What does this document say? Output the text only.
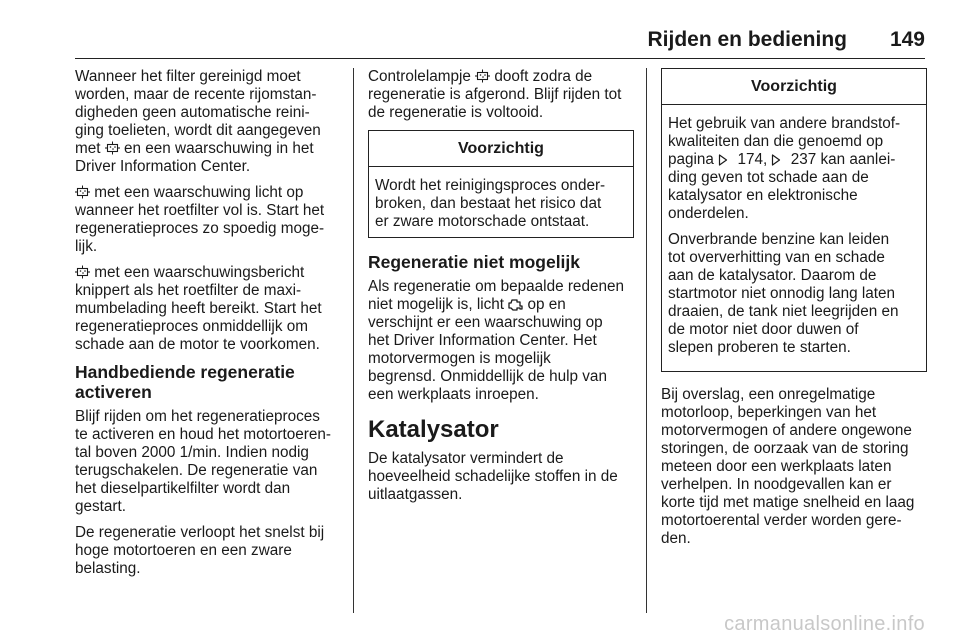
Rijden en bediening 149

Wanneer het filter gereinigd moet
worden, maar de recente rijomstan-
digheden geen automatische reini-
ging toelieten, wordt dit aangegeven
met en een waarschuwing in het
Driver Information Center.

met een waarschuwing licht op
wanneer het roetfilter vol is. Start het
regeneratieproces zo spoedig moge-
lijk.

met een waarschuwingsbericht
knippert als het roetfilter de maxi-
mumbelading heeft bereikt. Start het
regeneratieproces onmiddellijk om
schade aan de motor te voorkomen.

Handbediende regeneratie
activeren

Blijf rijden om het regeneratieproces
te activeren en houd het motortoeren-
tal boven 2000 1/min. Indien nodig
terugschakelen. De regeneratie van
het dieselpartikelfilter wordt dan
gestart.

De regeneratie verloopt het snelst bij
hoge motortoeren en een zware
belasting.

Controlelampje dooft zodra de
regeneratie is afgerond. Blijf rijden tot
de regeneratie is voltooid.

Voorzichtig
Wordt het reinigingsproces onder-
broken, dan bestaat het risico dat
er zware motorschade ontstaat.
Regeneratie niet mogelijk

Als regeneratie om bepaalde redenen
niet mogelijk is, licht op en
verschijnt er een waarschuwing op
het Driver Information Center. Het
motorvermogen is mogelijk
begrensd. Onmiddellijk de hulp van
een werkplaats inroepen.

Katalysator

De katalysator vermindert de
hoeveelheid schadelijke stoffen in de
uitlaatgassen.

Voorzichtig

Het gebruik van andere brandstof-
kwaliteiten dan die genoemd op
pagina 174, 237 kan aanlei-
ding geven tot schade aan de
katalysator en elektronische
onderdelen.

Onverbrande benzine kan leiden
tot oververhitting van en schade
aan de katalysator. Daarom de
startmotor niet onnodig lang laten
draaien, de tank niet leegrijden en
de motor niet door duwen of
slepen proberen te starten.

Bij overslag, een onregelmatige
motorloop, beperkingen van het
motorvermogen of andere ongewone
storingen, de oorzaak van de storing
meteen door een werkplaats laten
verhelpen. In noodgevallen kan er
korte tijd met matige snelheid en laag
motortoerental verder worden gere-
den.

carmanualsonline.info
